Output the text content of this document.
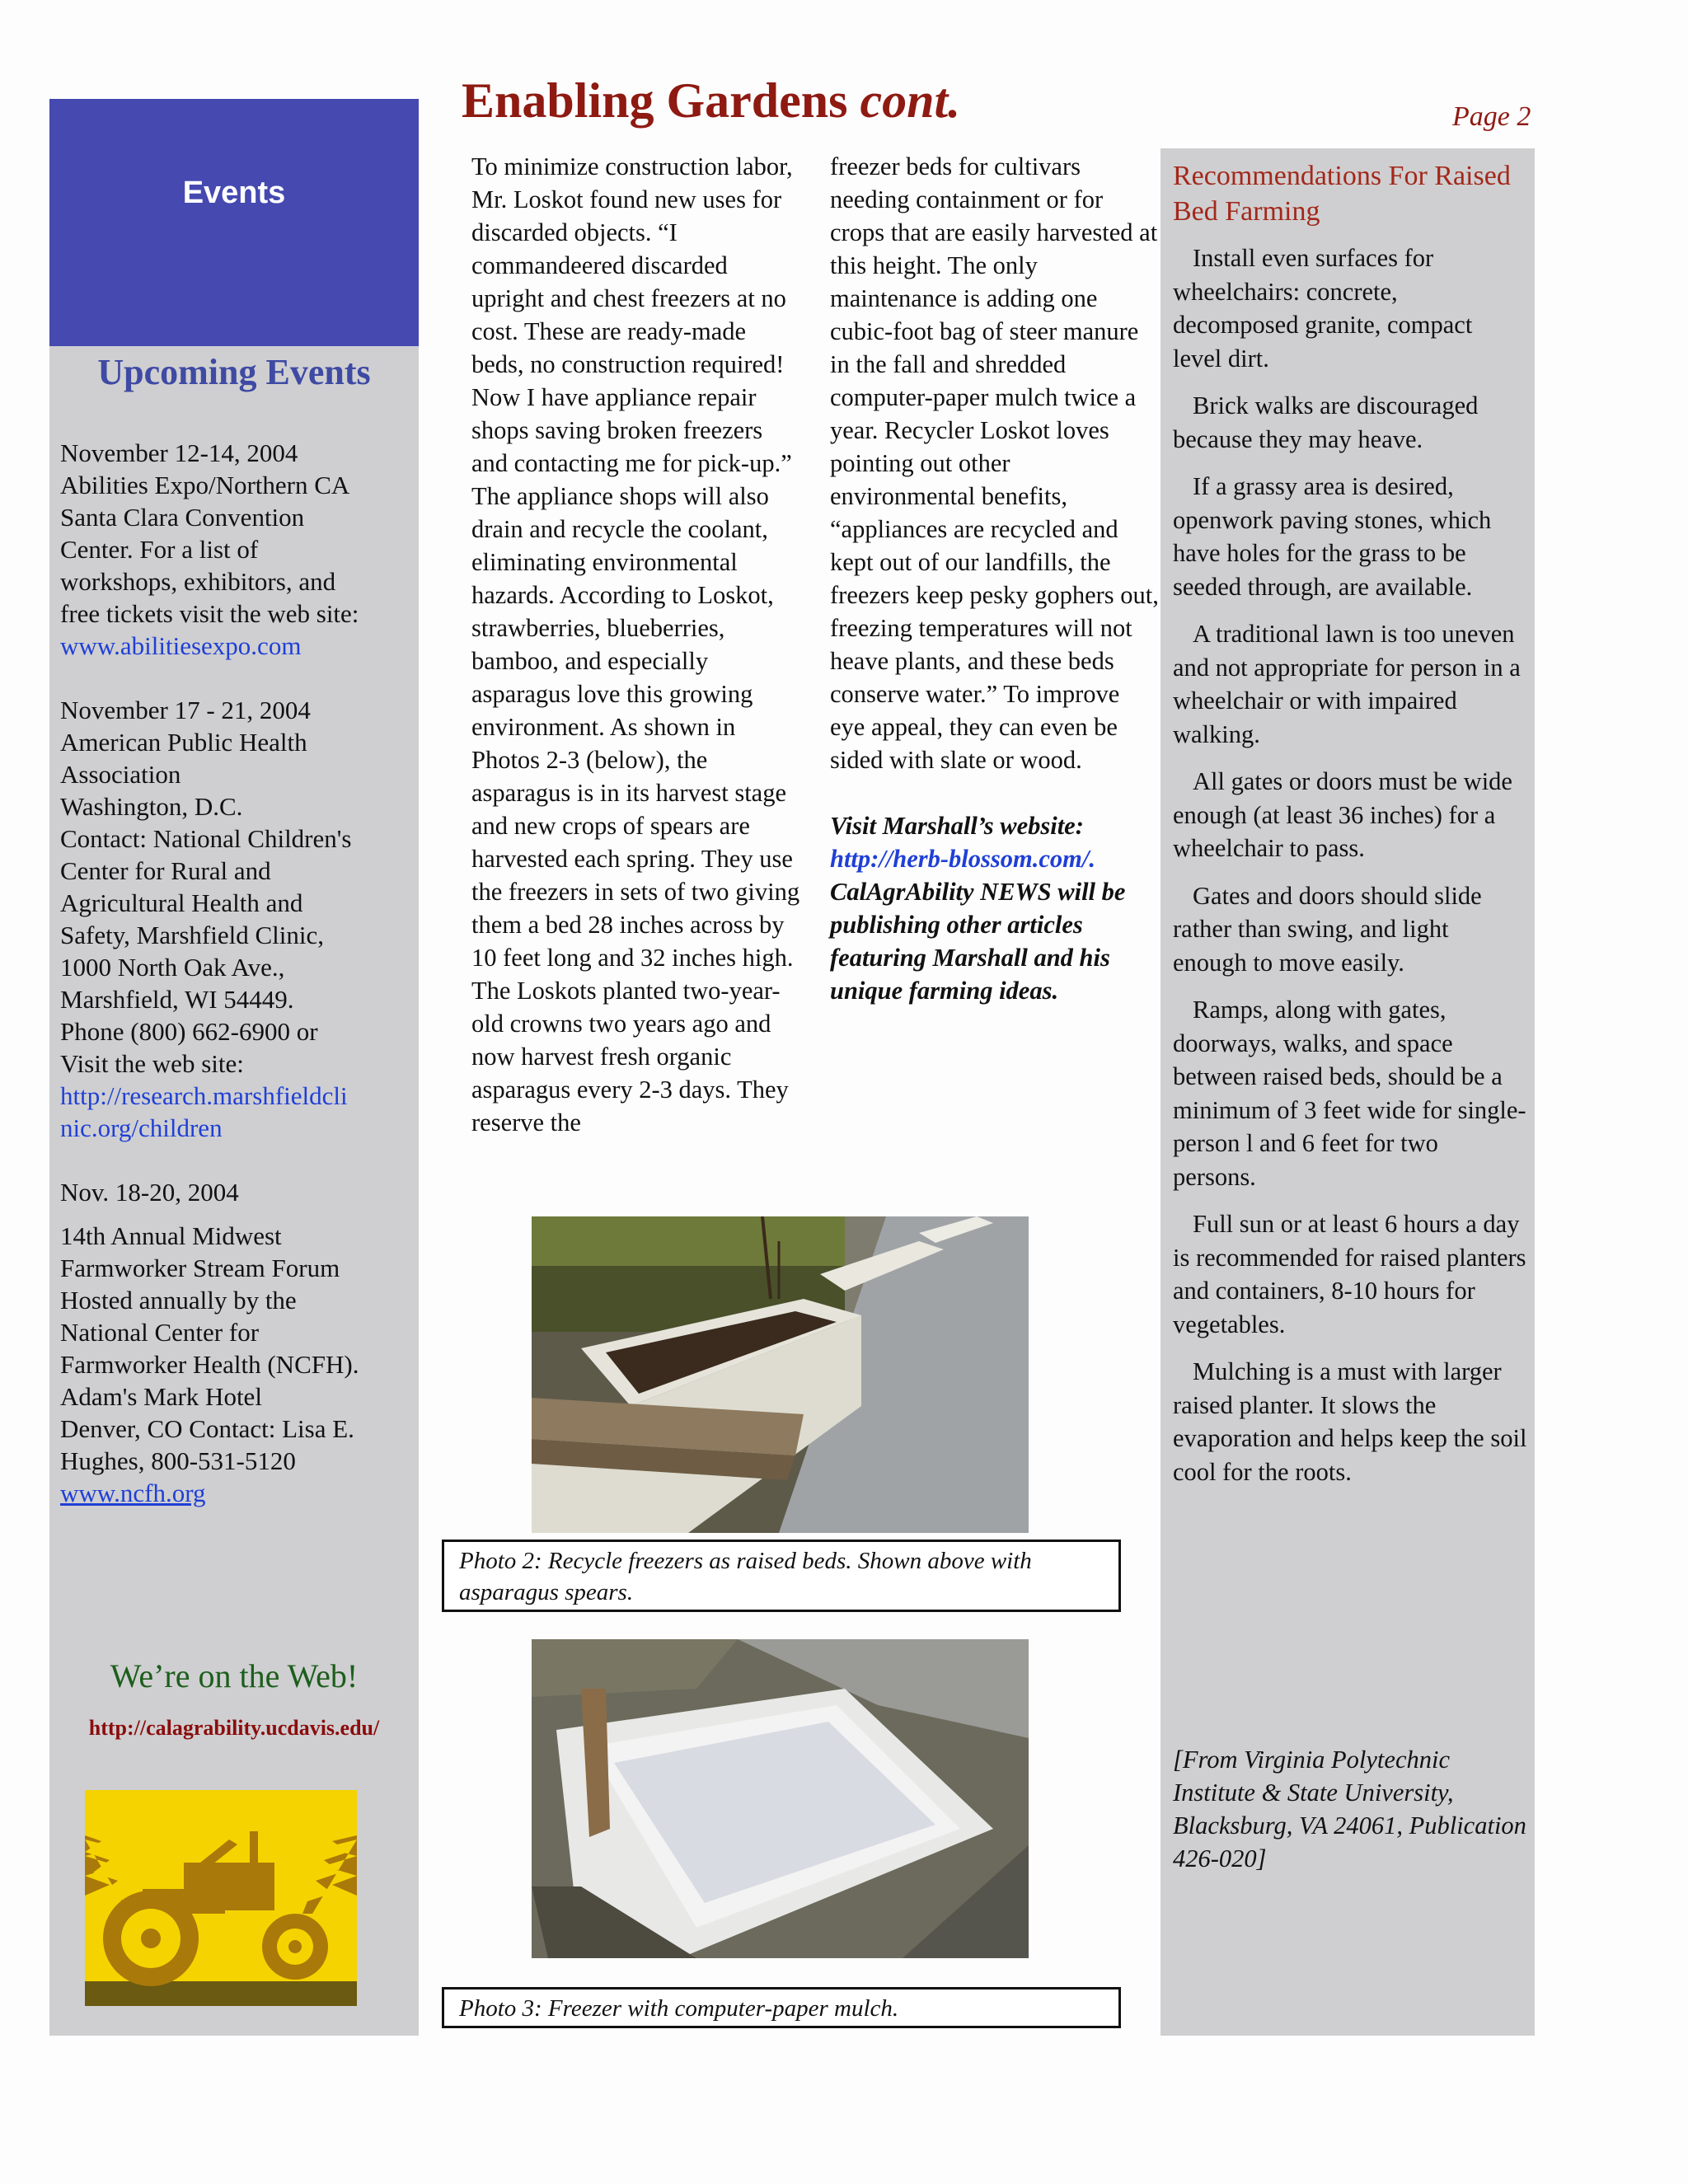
Events
Upcoming Events
November 12-14, 2004
Abilities Expo/Northern CA
Santa Clara Convention
Center. For a list of
workshops, exhibitors, and
free tickets visit the web site:
www.abilitiesexpo.com
November 17 - 21, 2004
American Public Health
Association
Washington, D.C.
Contact: National Children's
Center for Rural and
Agricultural Health and
Safety, Marshfield Clinic,
1000 North Oak Ave.,
Marshfield, WI 54449.
Phone (800) 662-6900 or
Visit the web site:
http://research.marshfieldcli
nic.org/children
Nov. 18-20, 2004
14th Annual Midwest
Farmworker Stream Forum
Hosted annually by the
National Center for
Farmworker Health (NCFH).
Adam's Mark Hotel
Denver, CO Contact: Lisa E.
Hughes, 800-531-5120
www.ncfh.org
We’re on the Web!
http://calagrability.ucdavis.edu/
Enabling Gardens cont.	Page 2

To minimize construction labor, Mr. Loskot found new uses for discarded objects. “I commandeered discarded upright and chest freezers at no cost. These are ready-made beds, no construction required! Now I have appliance repair shops saving broken freezers and contacting me for pick-up.” The appliance shops will also drain and recycle the coolant, eliminating environmental hazards. According to Loskot, strawberries, blueberries, bamboo, and especially asparagus love this growing environment. As shown in Photos 2-3 (below), the asparagus is in its harvest stage and new crops of spears are harvested each spring. They use the freezers in sets of two giving them a bed 28 inches across by 10 feet long and 32 inches high. The Loskots planted two-year-old crowns two years ago and now harvest fresh organic asparagus every 2-3 days. They reserve the

freezer beds for cultivars needing containment or for crops that are easily harvested at this height. The only maintenance is adding one cubic-foot bag of steer manure in the fall and shredded computer-paper mulch twice a year. Recycler Loskot loves pointing out other environmental benefits, “appliances are recycled and kept out of our landfills, the freezers keep pesky gophers out, freezing temperatures will not heave plants, and these beds conserve water.” To improve eye appeal, they can even be sided with slate or wood.

Visit Marshall’s website:
http://herb-blossom.com/.
CalAgrAbility NEWS will be publishing other articles featuring Marshall and his unique farming ideas.

Photo 2: Recycle freezers as raised beds. Shown above with asparagus spears.
Photo 3: Freezer with computer-paper mulch.
Recommendations For Raised Bed Farming

Install even surfaces for wheelchairs: concrete, decomposed granite, compact level dirt.

Brick walks are discouraged because they may heave.

If a grassy area is desired, openwork paving stones, which have holes for the grass to be seeded through, are available.

A traditional lawn is too uneven and not appropriate for person in a wheelchair or with impaired walking.

All gates or doors must be wide enough (at least 36 inches) for a wheelchair to pass.

Gates and doors should slide rather than swing, and light enough to move easily.

Ramps, along with gates, doorways, walks, and space between raised beds, should be a minimum of 3 feet wide for single-person l and 6 feet for two persons.

Full sun or at least 6 hours a day is recommended for raised planters and containers, 8-10 hours for vegetables.

Mulching is a must with larger raised planter. It slows the evaporation and helps keep the soil cool for the roots.

[From Virginia Polytechnic Institute & State University, Blacksburg, VA 24061, Publication 426-020]
